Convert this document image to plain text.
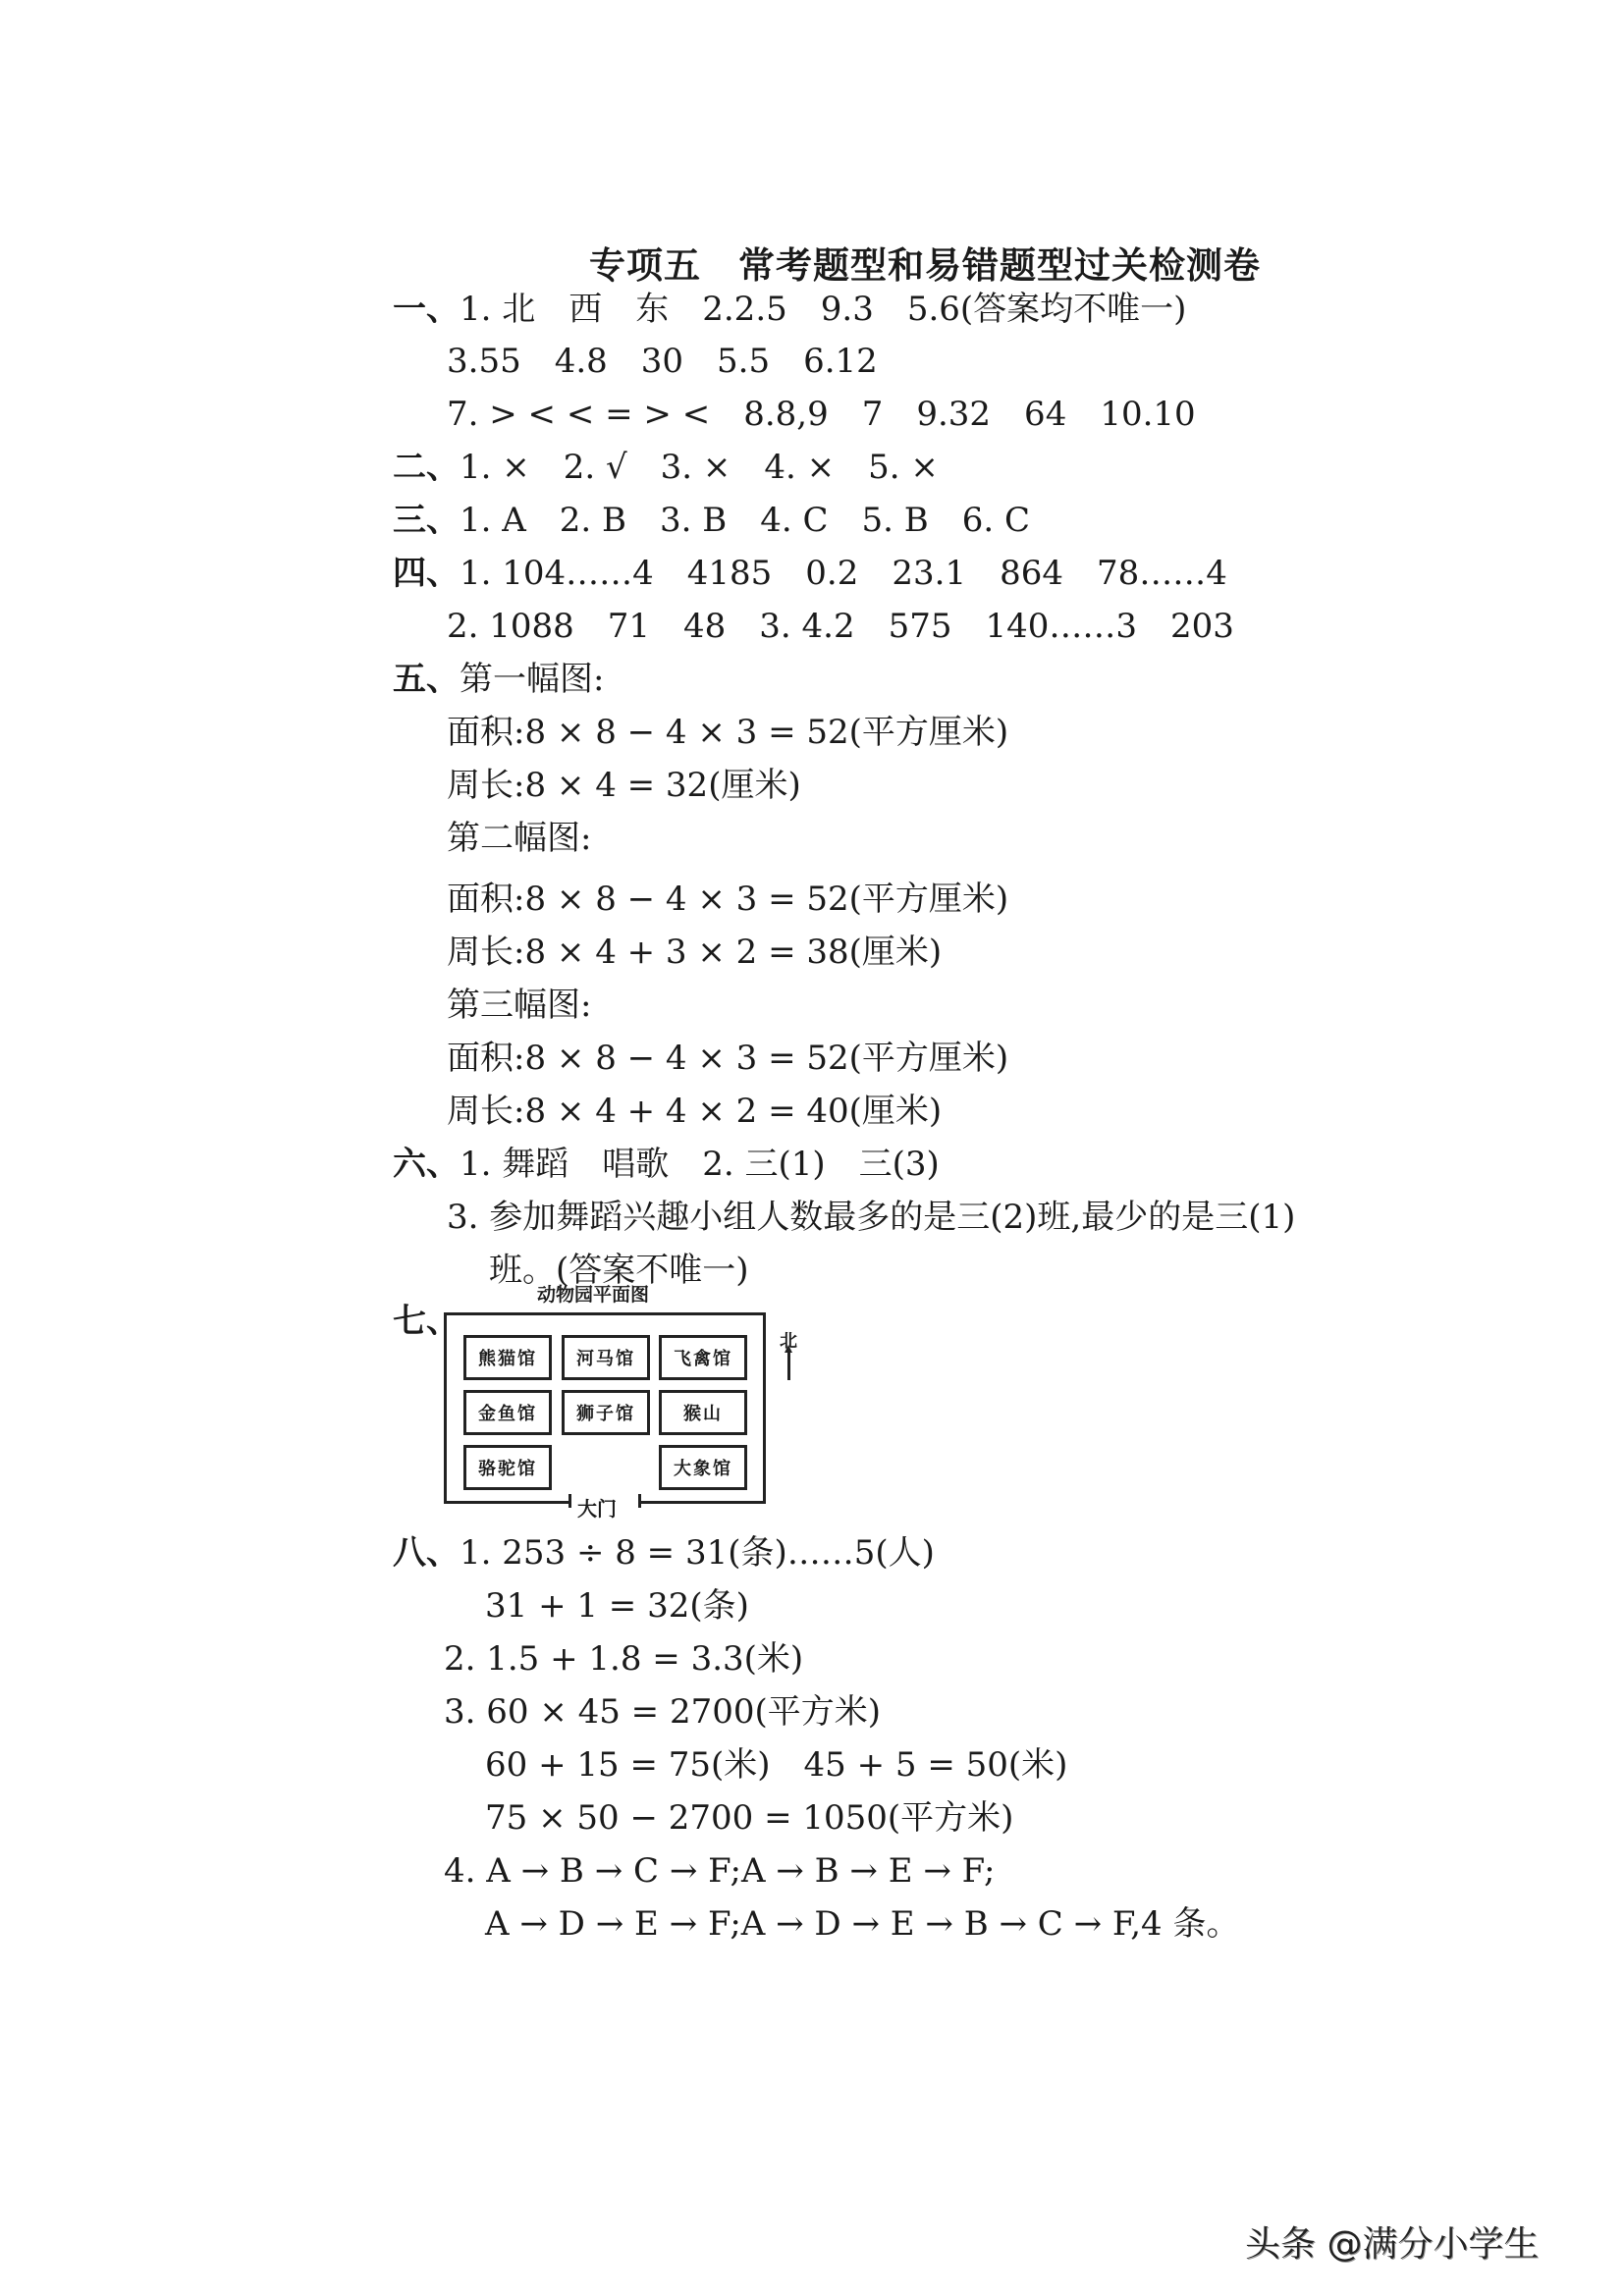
专项五　常考题型和易错题型过关检测卷
一、1. 北　西　东　2.2.5　9.3　5.6(答案均不唯一)
3.55　4.8　30　5.5　6.12
7. > < < = > <　8.8,9　7　9.32　64　10.10
二、1. ×　2. √　3. ×　4. ×　5. ×
三、1. A　2. B　3. B　4. C　5. B　6. C
四、1. 104……4　4185　0.2　23.1　864　78……4
2. 1088　71　48　3. 4.2　575　140……3　203
五、第一幅图:
面积:8 × 8 − 4 × 3 = 52(平方厘米)
周长:8 × 4 = 32(厘米)
第二幅图:
面积:8 × 8 − 4 × 3 = 52(平方厘米)
周长:8 × 4 + 3 × 2 = 38(厘米)
第三幅图:
面积:8 × 8 − 4 × 3 = 52(平方厘米)
周长:8 × 4 + 4 × 2 = 40(厘米)
六、1. 舞蹈　唱歌　2. 三(1)　三(3)
3. 参加舞蹈兴趣小组人数最多的是三(2)班,最少的是三(1)
班。(答案不唯一)
七、
动物园平面图
大门
熊猫馆	河马馆	飞禽馆
金鱼馆	狮子馆	猴山
骆驼馆	大象馆
北
八、1. 253 ÷ 8 = 31(条)……5(人)
31 + 1 = 32(条)
2. 1.5 + 1.8 = 3.3(米)
3. 60 × 45 = 2700(平方米)
60 + 15 = 75(米)　45 + 5 = 50(米)
75 × 50 − 2700 = 1050(平方米)
4. A → B → C → F;A → B → E → F;
A → D → E → F;A → D → E → B → C → F,4 条。
头条 @满分小学生
